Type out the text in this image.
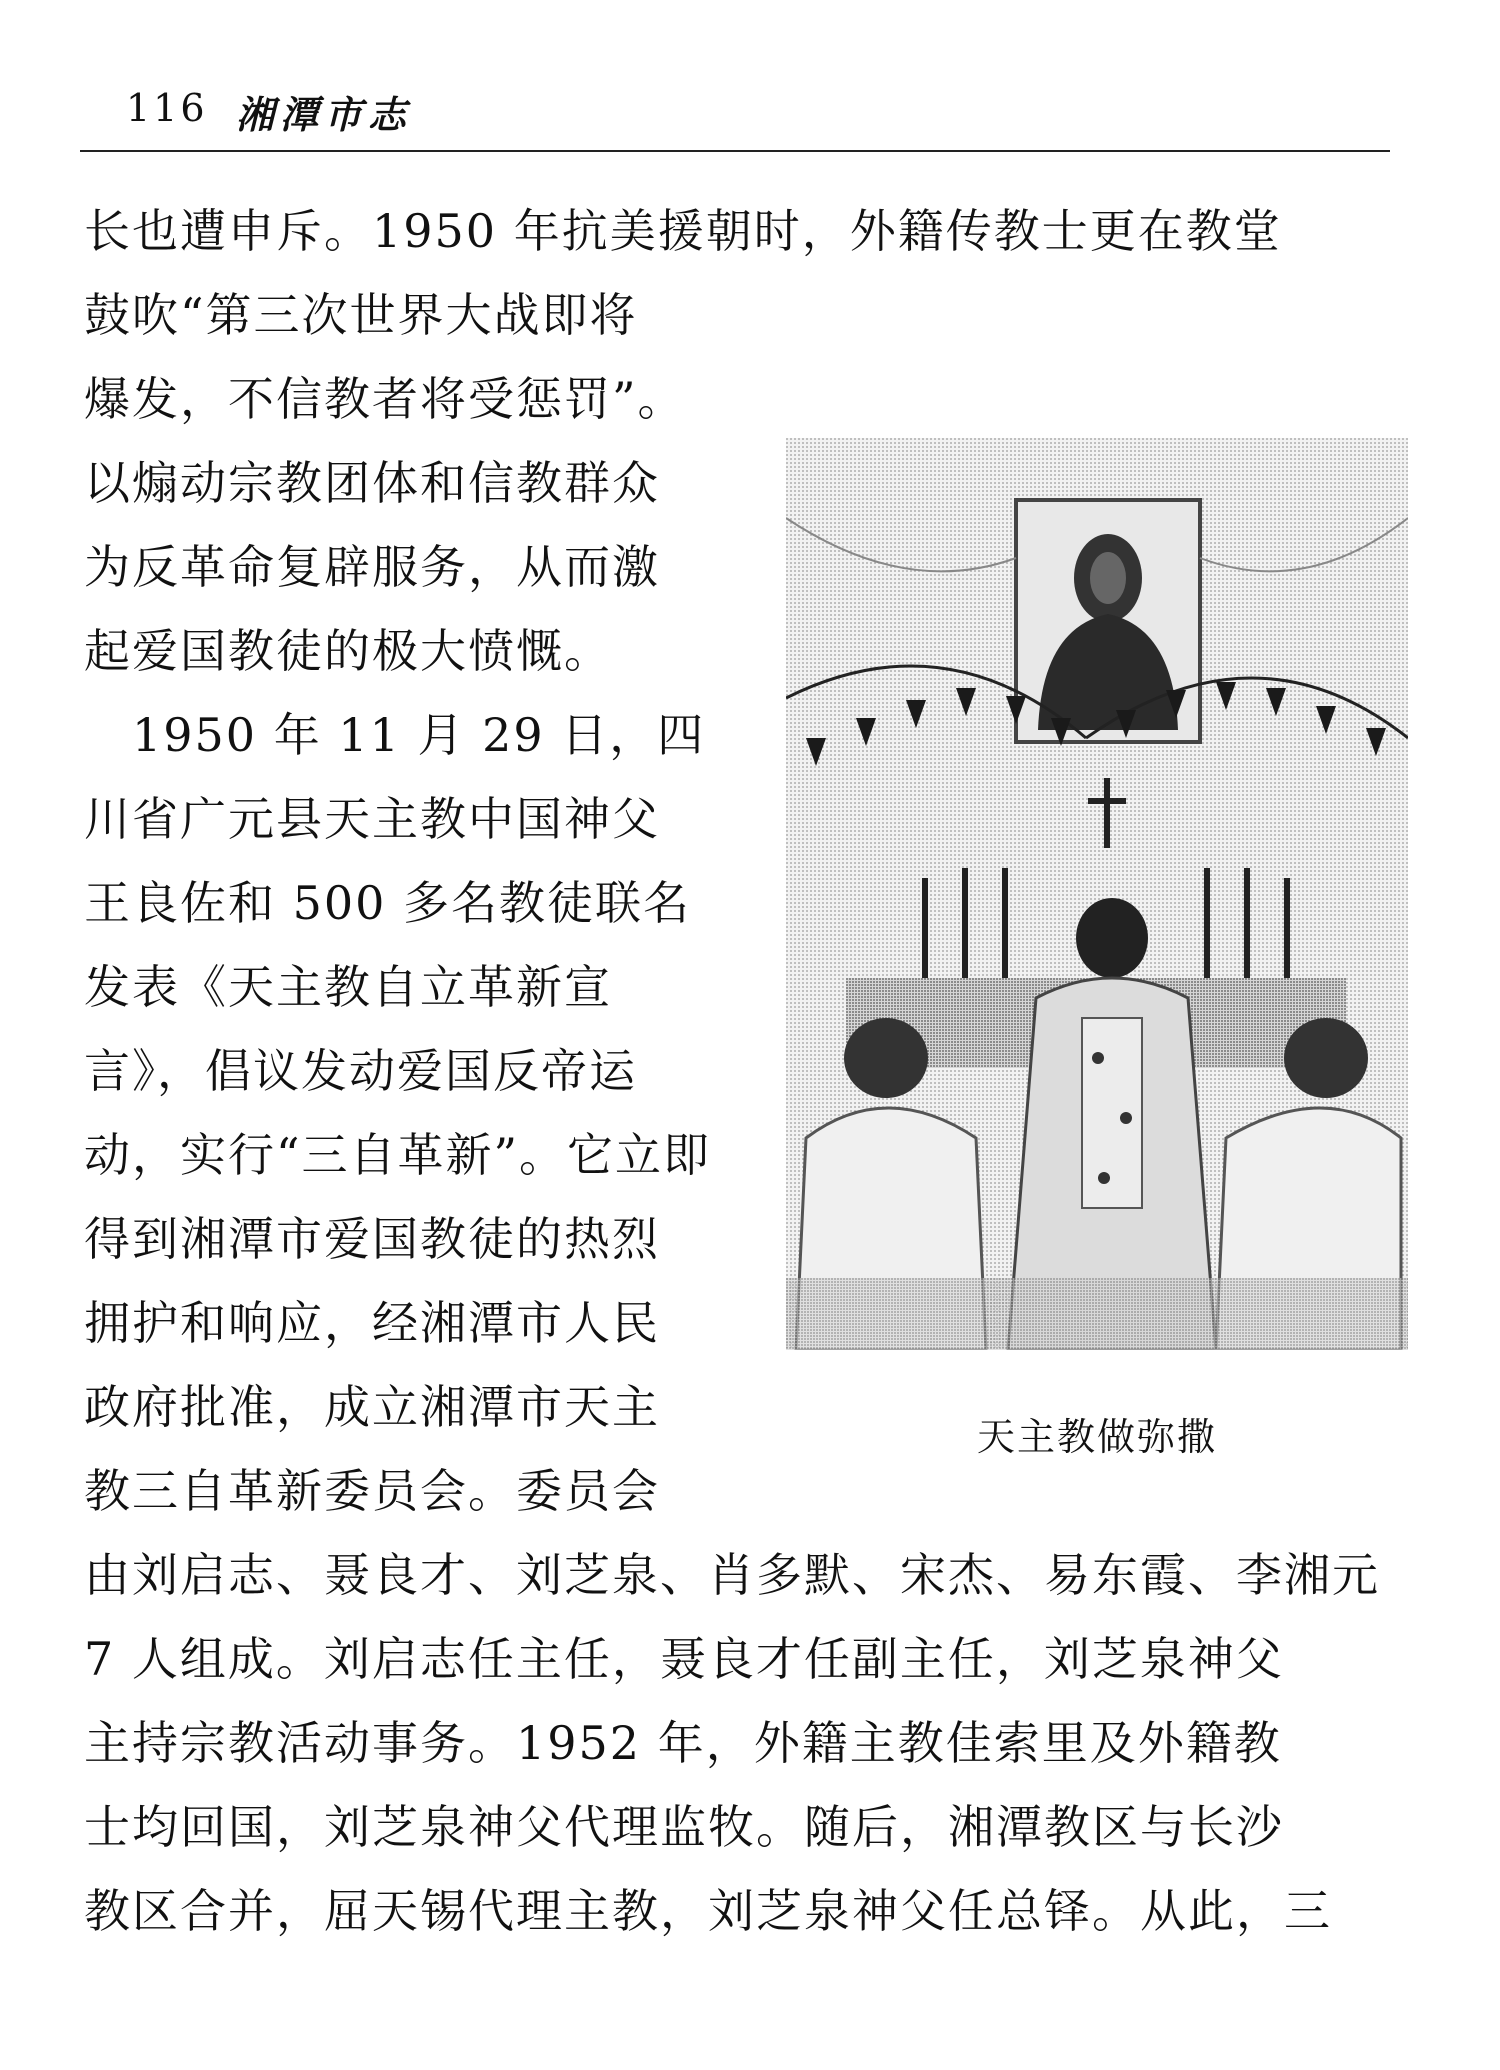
116 湘潭市志
长也遭申斥。1950 年抗美援朝时，外籍传教士更在教堂
鼓吹“第三次世界大战即将
爆发，不信教者将受惩罚”。
以煽动宗教团体和信教群众
为反革命复辟服务，从而激
起爱国教徒的极大愤慨。
　1950 年 11 月 29 日，四
川省广元县天主教中国神父
王良佐和 500 多名教徒联名
发表《天主教自立革新宣
言》，倡议发动爱国反帝运
动，实行“三自革新”。它立即
得到湘潭市爱国教徒的热烈
拥护和响应，经湘潭市人民
政府批准，成立湘潭市天主
教三自革新委员会。委员会
由刘启志、聂良才、刘芝泉、肖多默、宋杰、易东霞、李湘元
7 人组成。刘启志任主任，聂良才任副主任，刘芝泉神父
主持宗教活动事务。1952 年，外籍主教佳索里及外籍教
士均回国，刘芝泉神父代理监牧。随后，湘潭教区与长沙
教区合并，屈天锡代理主教，刘芝泉神父任总铎。从此，三
天主教做弥撒
